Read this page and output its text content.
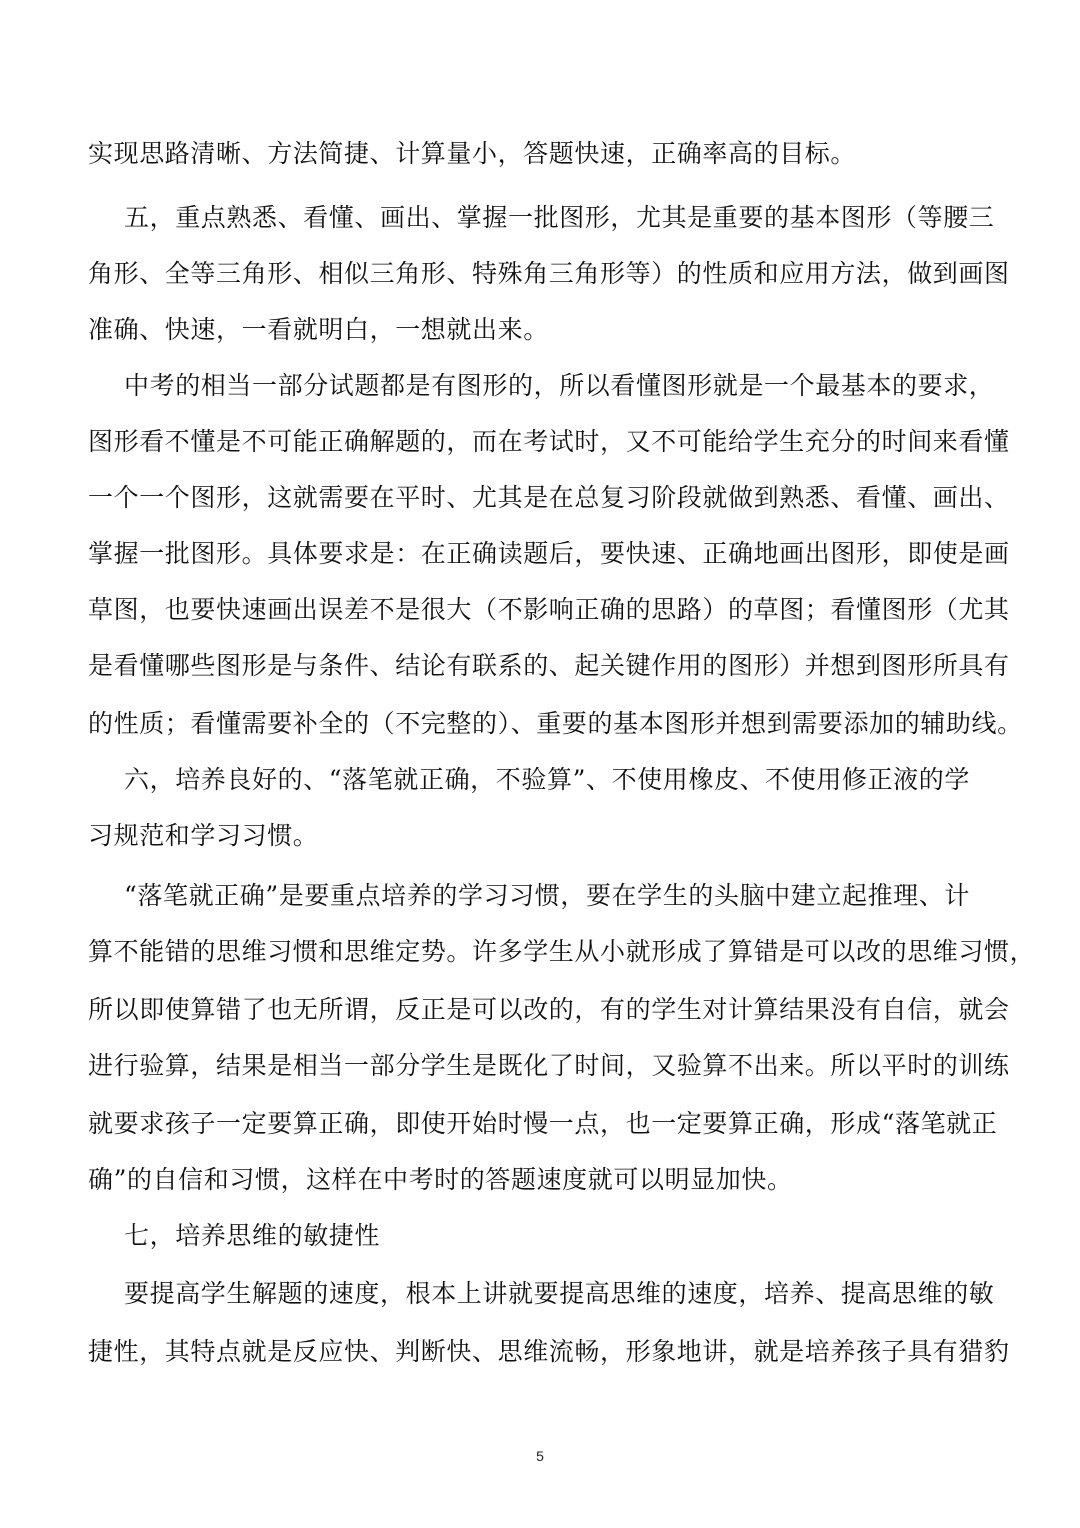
实现思路清晰、方法简捷、计算量小，答题快速，正确率高的目标。
五，重点熟悉、看懂、画出、掌握一批图形，尤其是重要的基本图形（等腰三
角形、全等三角形、相似三角形、特殊角三角形等）的性质和应用方法，做到画图
准确、快速，一看就明白，一想就出来。
中考的相当一部分试题都是有图形的，所以看懂图形就是一个最基本的要求，
图形看不懂是不可能正确解题的，而在考试时，又不可能给学生充分的时间来看懂
一个一个图形，这就需要在平时、尤其是在总复习阶段就做到熟悉、看懂、画出、
掌握一批图形。具体要求是：在正确读题后，要快速、正确地画出图形，即使是画
草图，也要快速画出误差不是很大（不影响正确的思路）的草图；看懂图形（尤其
是看懂哪些图形是与条件、结论有联系的、起关键作用的图形）并想到图形所具有
的性质；看懂需要补全的（不完整的）、重要的基本图形并想到需要添加的辅助线。
六，培养良好的、“落笔就正确，不验算”、不使用橡皮、不使用修正液的学
习规范和学习习惯。
“落笔就正确”是要重点培养的学习习惯，要在学生的头脑中建立起推理、计
算不能错的思维习惯和思维定势。许多学生从小就形成了算错是可以改的思维习惯，
所以即使算错了也无所谓，反正是可以改的，有的学生对计算结果没有自信，就会
进行验算，结果是相当一部分学生是既化了时间，又验算不出来。所以平时的训练
就要求孩子一定要算正确，即使开始时慢一点，也一定要算正确，形成“落笔就正
确”的自信和习惯，这样在中考时的答题速度就可以明显加快。
七，培养思维的敏捷性
要提高学生解题的速度，根本上讲就要提高思维的速度，培养、提高思维的敏
捷性，其特点就是反应快、判断快、思维流畅，形象地讲，就是培养孩子具有猎豹
5
